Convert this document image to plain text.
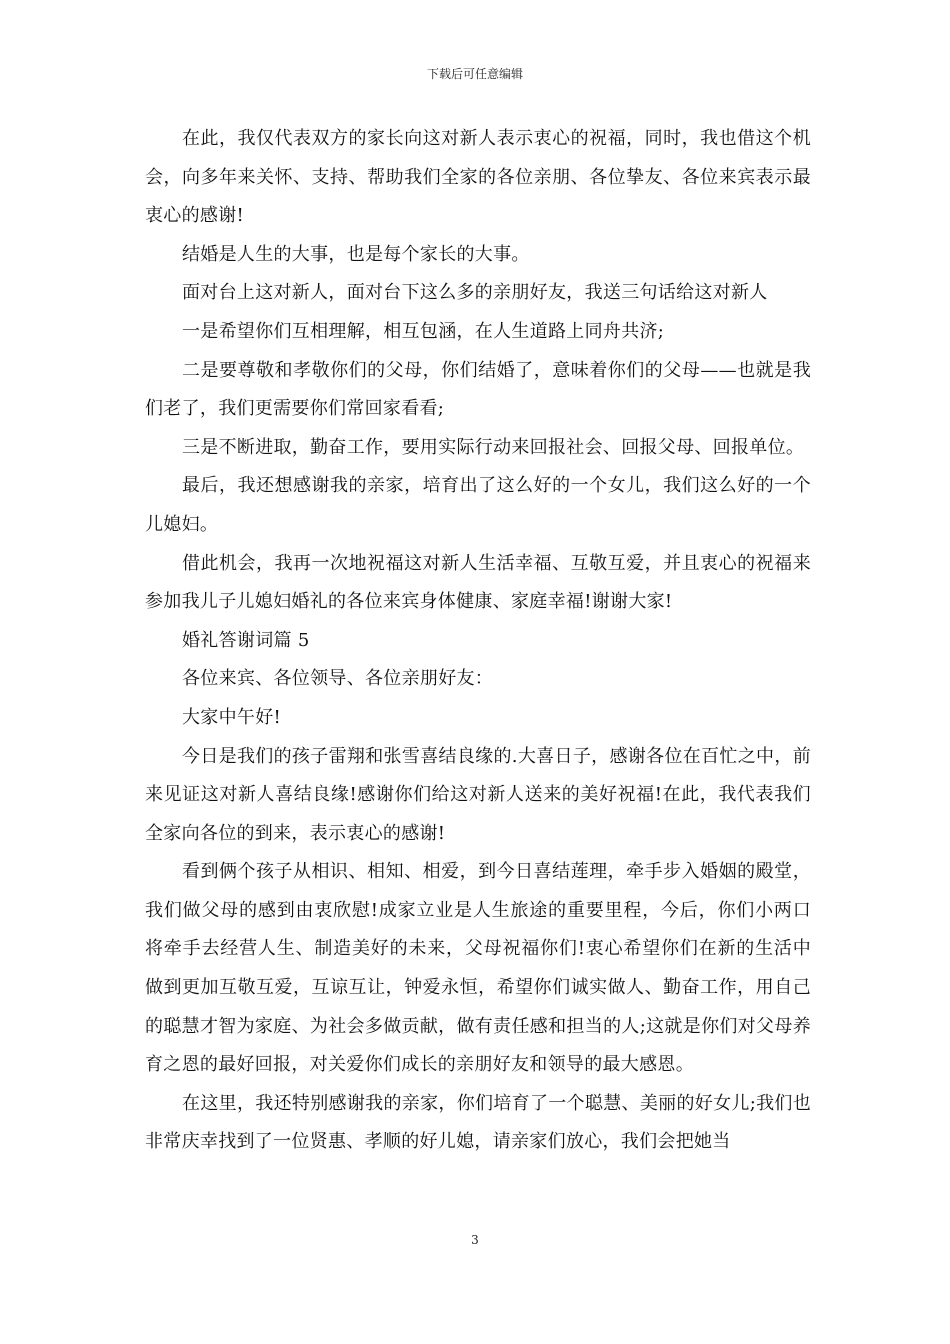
下载后可任意编辑

在此，我仅代表双方的家长向这对新人表示衷心的祝福，同时，我也借这个机会，向多年来关怀、支持、帮助我们全家的各位亲朋、各位挚友、各位来宾表示最衷心的感谢!

结婚是人生的大事，也是每个家长的大事。

面对台上这对新人，面对台下这么多的亲朋好友，我送三句话给这对新人

一是希望你们互相理解，相互包涵，在人生道路上同舟共济;

二是要尊敬和孝敬你们的父母，你们结婚了，意味着你们的父母——也就是我们老了，我们更需要你们常回家看看;

三是不断进取，勤奋工作，要用实际行动来回报社会、回报父母、回报单位。

最后，我还想感谢我的亲家，培育出了这么好的一个女儿，我们这么好的一个儿媳妇。

借此机会，我再一次地祝福这对新人生活幸福、互敬互爱，并且衷心的祝福来参加我儿子儿媳妇婚礼的各位来宾身体健康、家庭幸福!谢谢大家!

婚礼答谢词篇 5

各位来宾、各位领导、各位亲朋好友：

大家中午好!

今日是我们的孩子雷翔和张雪喜结良缘的.大喜日子，感谢各位在百忙之中，前来见证这对新人喜结良缘!感谢你们给这对新人送来的美好祝福!在此，我代表我们全家向各位的到来，表示衷心的感谢!

看到俩个孩子从相识、相知、相爱，到今日喜结莲理，牵手步入婚姻的殿堂，我们做父母的感到由衷欣慰!成家立业是人生旅途的重要里程，今后，你们小两口将牵手去经营人生、制造美好的未来，父母祝福你们!衷心希望你们在新的生活中做到更加互敬互爱，互谅互让，钟爱永恒，希望你们诚实做人、勤奋工作，用自己的聪慧才智为家庭、为社会多做贡献，做有责任感和担当的人;这就是你们对父母养育之恩的最好回报，对关爱你们成长的亲朋好友和领导的最大感恩。

在这里，我还特别感谢我的亲家，你们培育了一个聪慧、美丽的好女儿;我们也非常庆幸找到了一位贤惠、孝顺的好儿媳，请亲家们放心，我们会把她当

3
